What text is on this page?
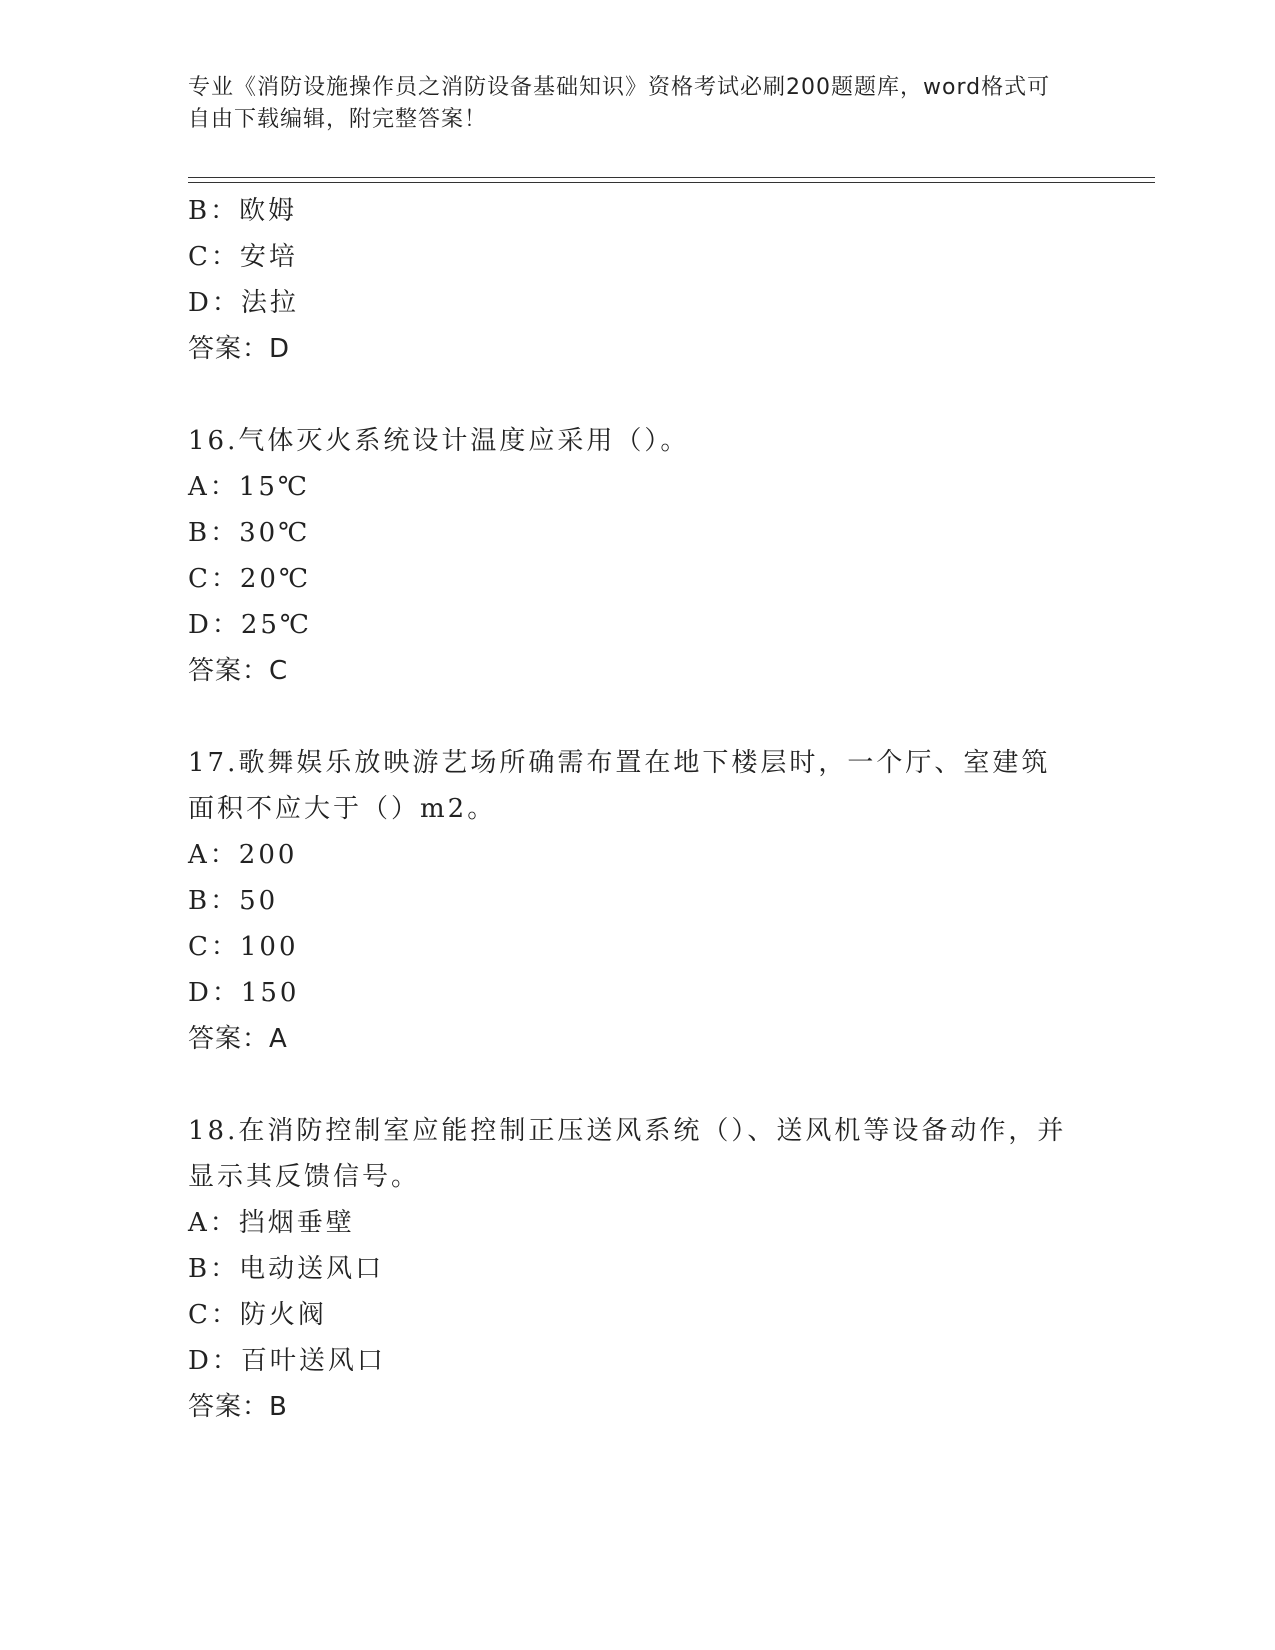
专业《消防设施操作员之消防设备基础知识》资格考试必刷200题题库，word格式可自由下载编辑，附完整答案！
B：欧姆
C：安培
D：法拉
答案：D
16.气体灭火系统设计温度应采用（）。
A：15℃
B：30℃
C：20℃
D：25℃
答案：C
17.歌舞娱乐放映游艺场所确需布置在地下楼层时，一个厅、室建筑面积不应大于（）m2。
A：200
B：50
C：100
D：150
答案：A
18.在消防控制室应能控制正压送风系统（）、送风机等设备动作，并显示其反馈信号。
A：挡烟垂壁
B：电动送风口
C：防火阀
D：百叶送风口
答案：B
